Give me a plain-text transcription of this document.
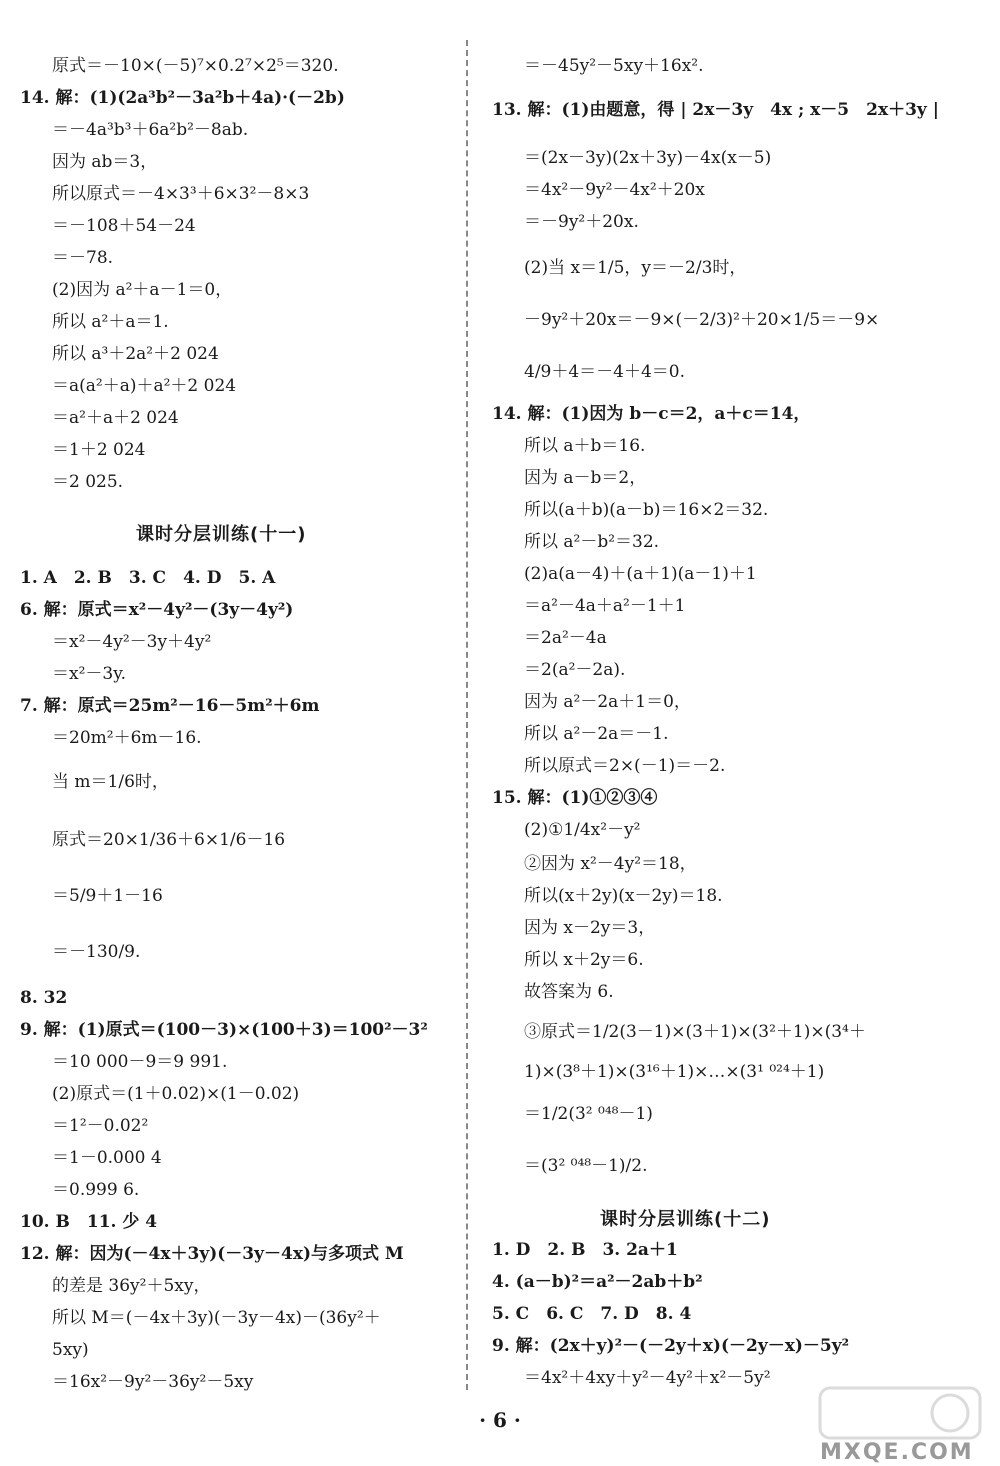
原式＝－10×(－5)⁷×0.2⁷×2⁵＝320.
14. 解：(1)(2a³b²－3a²b＋4a)·(－2b)
＝－4a³b³＋6a²b²－8ab.
因为 ab＝3，
所以原式＝－4×3³＋6×3²－8×3
＝－108＋54－24
＝－78.
(2)因为 a²＋a－1＝0，
所以 a²＋a＝1.
所以 a³＋2a²＋2 024
＝a(a²＋a)＋a²＋2 024
＝a²＋a＋2 024
＝1＋2 024
＝2 025.
1. A　2. B　3. C　4. D　5. A
6. 解：原式＝x²－4y²－(3y－4y²)
＝x²－4y²－3y＋4y²
＝x²－3y.
7. 解：原式＝25m²－16－5m²＋6m
＝20m²＋6m－16.
当 m＝1/6时，
原式＝20×1/36＋6×1/6－16
＝5/9＋1－16
＝－130/9.
8. 32
9. 解：(1)原式＝(100－3)×(100＋3)＝100²－3²
＝10 000－9＝9 991.
(2)原式＝(1＋0.02)×(1－0.02)
＝1²－0.02²
＝1－0.000 4
＝0.999 6.
10. B　11. 少 4
12. 解：因为(－4x＋3y)(－3y－4x)与多项式 M
的差是 36y²＋5xy，
所以 M＝(－4x＋3y)(－3y－4x)－(36y²＋
5xy)
＝16x²－9y²－36y²－5xy
＝－45y²－5xy＋16x².
13. 解：(1)由题意，得 | 2x－3y　4x ; x－5　2x＋3y |
＝(2x－3y)(2x＋3y)－4x(x－5)
＝4x²－9y²－4x²＋20x
＝－9y²＋20x.
(2)当 x＝1/5，y＝－2/3时，
－9y²＋20x＝－9×(－2/3)²＋20×1/5＝－9×
4/9＋4＝－4＋4＝0.
14. 解：(1)因为 b－c＝2，a＋c＝14，
所以 a＋b＝16.
因为 a－b＝2，
所以(a＋b)(a－b)＝16×2＝32.
所以 a²－b²＝32.
(2)a(a－4)＋(a＋1)(a－1)＋1
＝a²－4a＋a²－1＋1
＝2a²－4a
＝2(a²－2a).
因为 a²－2a＋1＝0，
所以 a²－2a＝－1.
所以原式＝2×(－1)＝－2.
15. 解：(1)①②③④
(2)①1/4x²－y²
②因为 x²－4y²＝18，
所以(x＋2y)(x－2y)＝18.
因为 x－2y＝3，
所以 x＋2y＝6.
故答案为 6.
③原式＝1/2(3－1)×(3＋1)×(3²＋1)×(3⁴＋
1)×(3⁸＋1)×(3¹⁶＋1)×…×(3¹ ⁰²⁴＋1)
＝1/2(3² ⁰⁴⁸－1)
＝(3² ⁰⁴⁸－1)/2.
1. D　2. B　3. 2a＋1
4. (a－b)²＝a²－2ab＋b²
5. C　6. C　7. D　8. 4
9. 解：(2x＋y)²－(－2y＋x)(－2y－x)－5y²
＝4x²＋4xy＋y²－4y²＋x²－5y²
课时分层训练(十一)
课时分层训练(十二)
· 6 ·
MXQE.COM
